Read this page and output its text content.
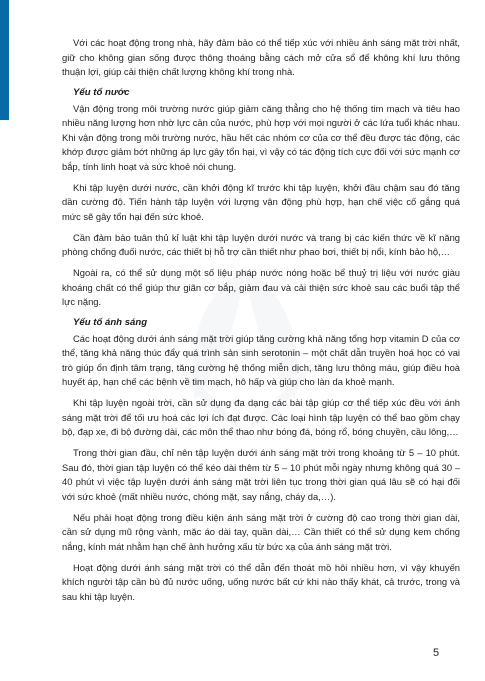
Với các hoạt động trong nhà, hãy đảm bảo có thể tiếp xúc với nhiều ánh sáng mặt trời nhất, giữ cho không gian sống được thông thoáng bằng cách mở cửa sổ để không khí lưu thông thuận lợi, giúp cải thiện chất lượng không khí trong nhà.

Yếu tố nước

Vận động trong môi trường nước giúp giảm căng thẳng cho hệ thống tim mạch và tiêu hao nhiều năng lượng hơn nhờ lực cản của nước, phù hợp với mọi người ở các lứa tuổi khác nhau. Khi vận động trong môi trường nước, hầu hết các nhóm cơ của cơ thể đều được tác động, các khớp được giảm bớt những áp lực gây tổn hại, vì vậy có tác động tích cực đối với sức mạnh cơ bắp, tính linh hoạt và sức khoẻ nói chung.

Khi tập luyện dưới nước, cần khởi động kĩ trước khi tập luyện, khởi đầu chậm sau đó tăng dần cường độ. Tiến hành tập luyện với lượng vận động phù hợp, hạn chế việc cố gắng quá mức sẽ gây tổn hại đến sức khoẻ.

Cần đảm bảo tuân thủ kỉ luật khi tập luyện dưới nước và trang bị các kiến thức về kĩ năng phòng chống đuối nước, các thiết bị hỗ trợ cần thiết như phao bơi, thiết bị nổi, kính bảo hộ,…

Ngoài ra, có thể sử dụng một số liệu pháp nước nóng hoặc bể thuỷ trị liệu với nước giàu khoáng chất có thể giúp thư giãn cơ bắp, giảm đau và cải thiện sức khoẻ sau các buổi tập thể lực nặng.

Yếu tố ánh sáng

Các hoạt động dưới ánh sáng mặt trời giúp tăng cường khả năng tổng hợp vitamin D của cơ thể, tăng khả năng thúc đẩy quá trình sản sinh serotonin – một chất dẫn truyền hoá học có vai trò giúp ổn định tâm trạng, tăng cường hệ thống miễn dịch, tăng lưu thông máu, giúp điều hoà huyết áp, hạn chế các bệnh về tim mạch, hô hấp và giúp cho làn da khoẻ mạnh.

Khi tập luyện ngoài trời, cần sử dụng đa dạng các bài tập giúp cơ thể tiếp xúc đều với ánh sáng mặt trời để tối ưu hoá các lợi ích đạt được. Các loại hình tập luyện có thể bao gồm chạy bộ, đạp xe, đi bộ đường dài, các môn thể thao như bóng đá, bóng rổ, bóng chuyền, cầu lông,…

Trong thời gian đầu, chỉ nên tập luyện dưới ánh sáng mặt trời trong khoảng từ 5 – 10 phút. Sau đó, thời gian tập luyện có thể kéo dài thêm từ 5 – 10 phút mỗi ngày nhưng không quá 30 – 40 phút vì việc tập luyện dưới ánh sáng mặt trời liên tục trong thời gian quá lâu sẽ có hại đối với sức khoẻ (mất nhiều nước, chóng mặt, say nắng, cháy da,…).

Nếu phải hoạt động trong điều kiện ánh sáng mặt trời ở cường độ cao trong thời gian dài, cần sử dụng mũ rộng vành, mặc áo dài tay, quần dài,… Cần thiết có thể sử dụng kem chống nắng, kính mát nhằm hạn chế ảnh hưởng xấu từ bức xạ của ánh sáng mặt trời.

Hoạt động dưới ánh sáng mặt trời có thể dẫn đến thoát mồ hôi nhiều hơn, vì vậy khuyến khích người tập cần bù đủ nước uống, uống nước bất cứ khi nào thấy khát, cả trước, trong và sau khi tập luyện.

5
